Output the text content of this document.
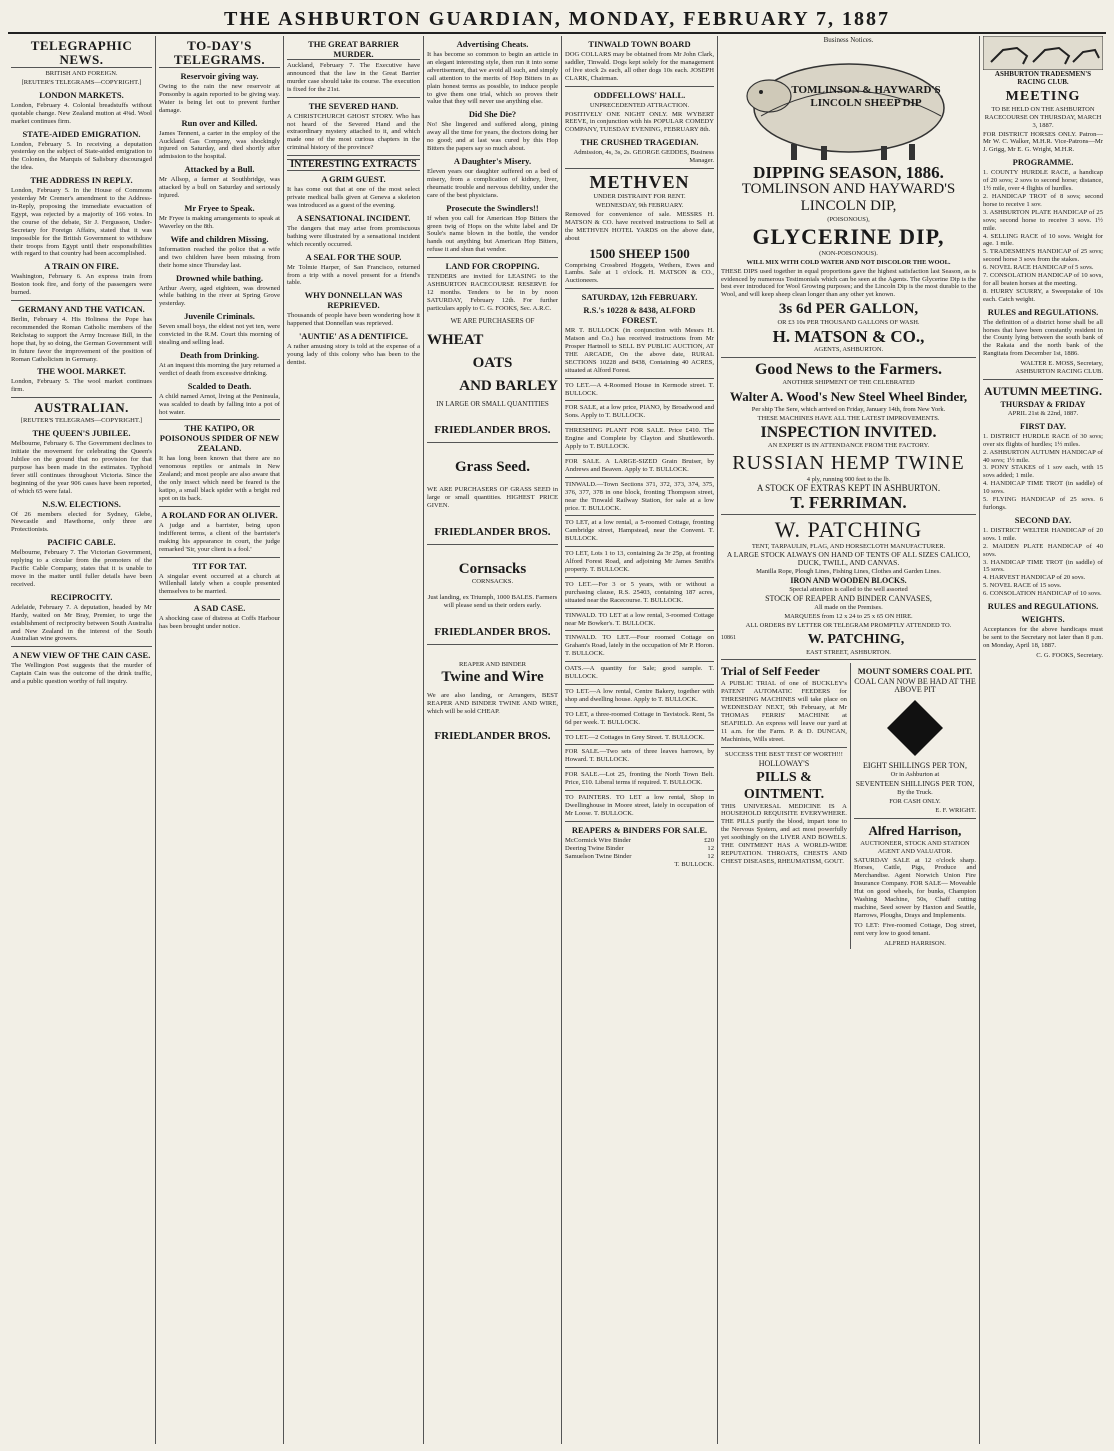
THE ASHBURTON GUARDIAN, MONDAY, FEBRUARY 7, 1887
TELEGRAPHIC NEWS.
BRITISH AND FOREIGN.
[REUTER'S TELEGRAMS—COPYRIGHT.]
LONDON MARKETS.

London, February 4. Colonial breadstuffs without quotable change. New Zealand mutton at 4⅜d. Wool market continues firm.

STATE-AIDED EMIGRATION.

London, February 5. In receiving a deputation yesterday on the subject of State-aided emigration to the Colonies, the Marquis of Salisbury discouraged the idea.

THE ADDRESS IN REPLY.

London, February 5. In the House of Commons yesterday Mr Cremer's amendment to the Address-in-Reply, proposing the immediate evacuation of Egypt, was rejected by a majority of 166 votes. In the course of the debate, Sir J. Fergusson, Under-Secretary for Foreign Affairs, stated that it was impossible for the British Government to withdraw their troops from Egypt until their responsibilities with regard to that country had been accomplished.

A TRAIN ON FIRE.

Washington, February 6. An express train from Boston took fire, and forty of the passengers were burned.

GERMANY AND THE VATICAN.

Berlin, February 4. His Holiness the Pope has recommended the Roman Catholic members of the Reichstag to support the Army Increase Bill, in the hope that, by so doing, the German Government will in future favor the improvement of the position of Roman Catholicism in Germany.

THE WOOL MARKET.

London, February 5. The wool market continues firm.

AUSTRALIAN.

[REUTER'S TELEGRAMS—COPYRIGHT.]

THE QUEEN'S JUBILEE.

Melbourne, February 6. The Government declines to initiate the movement for celebrating the Queen's Jubilee on the ground that no provision for that purpose has been made in the estimates. Typhoid fever still continues throughout Victoria. Since the beginning of the year 906 cases have been reported, of which 65 were fatal.

N.S.W. ELECTIONS.

Of 26 members elected for Sydney, Glebe, Newcastle and Hawthorne, only three are Protectionists.

PACIFIC CABLE.

Melbourne, February 7. The Victorian Government, replying to a circular from the promoters of the Pacific Cable Company, states that it is unable to move in the matter until fuller details have been received.

RECIPROCITY.

Adelaide, February 7. A deputation, headed by Mr Hardy, waited on Mr Bray, Premier, to urge the establishment of reciprocity between South Australia and New Zealand in the interest of the South Australian wine growers.

A NEW VIEW OF THE CAIN CASE.

The Wellington Post suggests that the murder of Captain Cain was the outcome of the drink traffic, and a public question worthy of full inquiry.

TO-DAY'S TELEGRAMS.
Reservoir giving way.

Owing to the rain the new reservoir at Ponsonby is again reported to be giving way. Water is being let out to prevent further damage.

Run over and Killed.

James Tennent, a carter in the employ of the Auckland Gas Company, was shockingly injured on Saturday, and died shortly after admission to the hospital.

Attacked by a Bull.

Mr Allsop, a farmer at Southbridge, was attacked by a bull on Saturday and seriously injured.

Mr Fryee to Speak.

Mr Fryee is making arrangements to speak at Waverley on the 8th.

Wife and children Missing.

Information reached the police that a wife and two children have been missing from their home since Thursday last.

Drowned while bathing.

Arthur Avery, aged eighteen, was drowned while bathing in the river at Spring Grove yesterday.

Juvenile Criminals.

Seven small boys, the eldest not yet ten, were convicted in the R.M. Court this morning of stealing and selling lead.

Death from Drinking.

At an inquest this morning the jury returned a verdict of death from excessive drinking.

Scalded to Death.

A child named Arnot, living at the Peninsula, was scalded to death by falling into a pot of hot water.

THE KATIPO, OR POISONOUS SPIDER OF NEW ZEALAND.

It has long been known that there are no venomous reptiles or animals in New Zealand; and most people are also aware that the only insect which need be feared is the katipo, a small black spider with a bright red spot on its back.

A ROLAND FOR AN OLIVER.

A judge and a barrister, being upon indifferent terms, a client of the barrister's making his appearance in court, the judge remarked 'Sir, your client is a fool.'

TIT FOR TAT.

A singular event occurred at a church at Willenhall lately when a couple presented themselves to be married.

A SAD CASE.

A shocking case of distress at Coffs Harbour has been brought under notice.

THE GREAT BARRIER MURDER.

Auckland, February 7. The Executive have announced that the law in the Great Barrier murder case should take its course. The execution is fixed for the 21st.

THE SEVERED HAND.

A CHRISTCHURCH GHOST STORY. Who has not heard of the Severed Hand and the extraordinary mystery attached to it, and which made one of the most curious chapters in the criminal history of the province?

INTERESTING EXTRACTS
A GRIM GUEST.

It has come out that at one of the most select private medical balls given at Geneva a skeleton was introduced as a guest of the evening.

A SENSATIONAL INCIDENT.

The dangers that may arise from promiscuous bathing were illustrated by a sensational incident which recently occurred.

A SEAL FOR THE SOUP.

Mr Tolmie Harper, of San Francisco, returned from a trip with a novel present for a friend's table.

WHY DONNELLAN WAS REPRIEVED.

Thousands of people have been wondering how it happened that Donnellan was reprieved.

'AUNTIE' AS A DENTIFICE.

A rather amusing story is told at the expense of a young lady of this colony who has been to the dentist.

Advertising Cheats.

It has become so common to begin an article in an elegant interesting style, then run it into some advertisement, that we avoid all such, and simply call attention to the merits of Hop Bitters in as plain honest terms as possible, to induce people to give them one trial, which so proves their value that they will never use anything else.

Did She Die?

No! She lingered and suffered along, pining away all the time for years, the doctors doing her no good; and at last was cured by this Hop Bitters the papers say so much about.

A Daughter's Misery.

Eleven years our daughter suffered on a bed of misery, from a complication of kidney, liver, rheumatic trouble and nervous debility, under the care of the best physicians.

Prosecute the Swindlers!!

If when you call for American Hop Bitters the green twig of Hops on the white label and Dr Soule's name blown in the bottle, the vendor hands out anything but American Hop Bitters, refuse it and shun that vendor.

LAND FOR CROPPING.

TENDERS are invited for LEASING to the ASHBURTON RACECOURSE RESERVE for 12 months. Tenders to be in by noon SATURDAY, February 12th. For further particulars apply to C. G. FOOKS, Sec. A.R.C.

WE ARE PURCHASERS OF
WHEAT
OATS
AND BARLEY
IN LARGE OR SMALL QUANTITIES
FRIEDLANDER BROS.
Grass Seed.

WE ARE PURCHASERS OF GRASS SEED in large or small quantities. HIGHEST PRICE GIVEN.

FRIEDLANDER BROS.
Cornsacks
CORNSACKS.

Just landing, ex Triumph, 1000 BALES. Farmers will please send us their orders early.

FRIEDLANDER BROS.
REAPER AND BINDER
Twine and Wire

We are also landing, or Arrangers, BEST REAPER AND BINDER TWINE AND WIRE, which will be sold CHEAP.

FRIEDLANDER BROS.
TINWALD TOWN BOARD

DOG COLLARS may be obtained from Mr John Clark, saddler, Tinwald. Dogs kept solely for the management of live stock 2s each, all other dogs 10s each. JOSEPH CLARK, Chairman.

ODDFELLOWS' HALL.
UNPRECEDENTED ATTRACTION.

POSITIVELY ONE NIGHT ONLY. MR WYBERT REEVE, in conjunction with his POPULAR COMEDY COMPANY, TUESDAY EVENING, FEBRUARY 8th.

THE CRUSHED TRAGEDIAN.

Admission, 4s, 3s, 2s. GEORGE GEDDES, Business Manager.

METHVEN
UNDER DISTRAINT FOR RENT.
WEDNESDAY, 9th FEBRUARY.

Removed for convenience of sale. MESSRS H. MATSON & CO. have received instructions to Sell at the METHVEN HOTEL YARDS on the above date, about

1500 SHEEP 1500

Comprising Crossbred Hoggets, Wethers, Ewes and Lambs. Sale at 1 o'clock. H. MATSON & CO., Auctioneers.

SATURDAY, 12th FEBRUARY.
R.S.'s 10228 & 8438, ALFORD FOREST.

MR T. BULLOCK (in conjunction with Messrs H. Matson and Co.) has received instructions from Mr Prosper Hartnoll to SELL BY PUBLIC AUCTION, AT THE ARCADE, On the above date, RURAL SECTIONS 10228 and 8438, Containing 40 ACRES, situated at Alford Forest.

TO LET.—A 4-Roomed House in Kermode street. T. BULLOCK.

FOR SALE, at a low price, PIANO, by Broadwood and Sons. Apply to T. BULLOCK.

THRESHING PLANT FOR SALE. Price £410. The Engine and Complete by Clayton and Shuttleworth. Apply to T. BULLOCK.

FOR SALE. A LARGE-SIZED Grain Bruiser, by Andrews and Beaven. Apply to T. BULLOCK.

TINWALD.—Town Sections 371, 372, 373, 374, 375, 376, 377, 378 in one block, fronting Thompson street, near the Tinwald Railway Station, for sale at a low price. T. BULLOCK.

TO LET, at a low rental, a 5-roomed Cottage, fronting Cambridge street, Hampstead, near the Convent. T. BULLOCK.

TO LET, Lots 1 to 13, containing 2a 3r 25p, at fronting Alford Forest Road, and adjoining Mr James Smith's property. T. BULLOCK.

TO LET.—For 3 or 5 years, with or without a purchasing clause, R.S. 25403, containing 187 acres, situated near the Racecourse. T. BULLOCK.

TINWALD. TO LET at a low rental, 3-roomed Cottage near Mr Bowker's. T. BULLOCK.

TINWALD. TO LET.—Four roomed Cottage on Graham's Road, lately in the occupation of Mr P. Horon. T. BULLOCK.

OATS.—A quantity for Sale; good sample. T. BULLOCK.

TO LET.—A low rental, Centre Bakery, together with shop and dwelling house. Apply to T. BULLOCK.

TO LET, a three-roomed Cottage in Tavistock. Rent, 5s 6d per week. T. BULLOCK.

TO LET.—2 Cottages in Grey Street. T. BULLOCK.

FOR SALE.—Two sets of three leaves harrows, by Howard. T. BULLOCK.

FOR SALE.—Lot 25, fronting the North Town Belt. Price, £10. Liberal terms if required. T. BULLOCK.

TO PAINTERS. TO LET a low rental, Shop in Dwellinghouse in Moore street, lately in occupation of Mr Loose. T. BULLOCK.

REAPERS & BINDERS FOR SALE.
McCormick Wire Binder	£20
Deering Twine Binder	12
Samuelson Twine Binder	12

T. BULLOCK.

Business Notices.
TOMLINSON & HAYWARD'S LINCOLN SHEEP DIP
DIPPING SEASON, 1886.
TOMLINSON AND HAYWARD'S
LINCOLN DIP,
(POISONOUS),
GLYCERINE DIP,
(NON-POISONOUS).
WILL MIX WITH COLD WATER AND NOT DISCOLOR THE WOOL.

THESE DIPS used together in equal proportions gave the highest satisfaction last Season, as is evidenced by numerous Testimonials which can be seen at the Agents. The Glycerine Dip is the best ever introduced for Wool Growing purposes; and the Lincoln Dip is the most durable to the Wool, and will keep sheep clean longer than any other yet known.

3s 6d PER GALLON,
OR £3 10s PER THOUSAND GALLONS OF WASH.
H. MATSON & CO.,
AGENTS, ASHBURTON.
Good News to the Farmers.
ANOTHER SHIPMENT OF THE CELEBRATED
Walter A. Wood's New Steel Wheel Binder,
Per ship The Sere, which arrived on Friday, January 14th, from New York.
THESE MACHINES HAVE ALL THE LATEST IMPROVEMENTS.
INSPECTION INVITED.
AN EXPERT IS IN ATTENDANCE FROM THE FACTORY.
RUSSIAN HEMP TWINE
4 ply, running 900 feet to the lb.
A STOCK OF EXTRAS KEPT IN ASHBURTON.
T. FERRIMAN.
W. PATCHING
TENT, TARPAULIN, FLAG, AND HORSECLOTH MANUFACTURER.
A LARGE STOCK ALWAYS ON HAND OF TENTS OF ALL SIZES CALICO, DUCK, TWILL, AND CANVAS.
Manilla Rope, Plough Lines, Fishing Lines, Clothes and Garden Lines.
IRON AND WOODEN BLOCKS.
Special attention is called to the well assorted
STOCK OF REAPER AND BINDER CANVASES,
All made on the Premises.
MARQUEES from 12 x 24 to 25 x 65 ON HIRE.
ALL ORDERS BY LETTER OR TELEGRAM PROMPTLY ATTENDED TO.
10861	W. PATCHING,
EAST STREET, ASHBURTON.
Trial of Self Feeder

A PUBLIC TRIAL of one of BUCKLEY's PATENT AUTOMATIC FEEDERS for THRESHING MACHINES will take place on WEDNESDAY NEXT, 9th February, at Mr THOMAS FERRIS' MACHINE at SEAFIELD. An express will leave our yard at 11 a.m. for the Farm. P. & D. DUNCAN, Machinists, Wills street.

SUCCESS THE BEST TEST OF WORTH!!!
HOLLOWAY'S
PILLS & OINTMENT.

THIS UNIVERSAL MEDICINE IS A HOUSEHOLD REQUISITE EVERYWHERE. THE PILLS purify the blood, impart tone to the Nervous System, and act most powerfully yet soothingly on the LIVER AND BOWELS. THE OINTMENT HAS A WORLD-WIDE REPUTATION. THROATS, CHESTS AND CHEST DISEASES, RHEUMATISM, GOUT.

MOUNT SOMERS COAL PIT.
COAL CAN NOW BE HAD AT THE ABOVE PIT
EIGHT SHILLINGS PER TON,
Or in Ashburton at
SEVENTEEN SHILLINGS PER TON,
By the Truck.
FOR CASH ONLY.
E. F. WRIGHT.
Alfred Harrison,
AUCTIONEER, STOCK AND STATION AGENT AND VALUATOR.

SATURDAY SALE at 12 o'clock sharp. Horses, Cattle, Pigs, Produce and Merchandise. Agent Norwich Union Fire Insurance Company. FOR SALE— Moveable Hut on good wheels, for bunks, Champion Washing Machine, 50s, Chaff cutting machine, Seed sower by Haxton and Seattle, Harrows, Ploughs, Drays and Implements.

TO LET: Five-roomed Cottage, Dog street, rent very low to good tenant.

ALFRED HARRISON.
ASHBURTON TRADESMEN'S RACING CLUB.
MEETING
TO BE HELD ON THE ASHBURTON RACECOURSE ON THURSDAY, MARCH 3, 1887.

FOR DISTRICT HORSES ONLY. Patron—Mr W. C. Walker, M.H.R. Vice-Patrons—Mr J. Grigg, Mr E. G. Wright, M.H.R.

PROGRAMME.

1. COUNTY HURDLE RACE, a handicap of 20 sovs; 2 sovs to second horse; distance, 1½ mile, over 4 flights of hurdles.

2. HANDICAP TROT of 8 sovs; second horse to receive 1 sov.

3. ASHBURTON PLATE HANDICAP of 25 sovs; second horse to receive 3 sovs. 1½ mile.

4. SELLING RACE of 10 sovs. Weight for age. 1 mile.

5. TRADESMEN'S HANDICAP of 25 sovs; second horse 3 sovs from the stakes.

6. NOVEL RACE HANDICAP of 5 sovs.

7. CONSOLATION HANDICAP of 10 sovs, for all beaten horses at the meeting.

8. HURRY SCURRY, a Sweepstake of 10s each. Catch weight.

RULES and REGULATIONS.

The definition of a district horse shall be all horses that have been constantly resident in the County lying between the south bank of the Rakaia and the north bank of the Rangitata from December 1st, 1886.

WALTER E. MOSS, Secretary, ASHBURTON RACING CLUB.

AUTUMN MEETING.
THURSDAY & FRIDAY
APRIL 21st & 22nd, 1887.
FIRST DAY.

1. DISTRICT HURDLE RACE of 30 sovs; over six flights of hurdles; 1½ miles.

2. ASHBURTON AUTUMN HANDICAP of 40 sovs; 1½ mile.

3. PONY STAKES of 1 sov each, with 15 sovs added; 1 mile.

4. HANDICAP TIME TROT (in saddle) of 10 sovs.

5. FLYING HANDICAP of 25 sovs. 6 furlongs.

SECOND DAY.

1. DISTRICT WELTER HANDICAP of 20 sovs. 1 mile.

2. MAIDEN PLATE HANDICAP of 40 sovs.

3. HANDICAP TIME TROT (in saddle) of 15 sovs.

4. HARVEST HANDICAP of 20 sovs.

5. NOVEL RACE of 15 sovs.

6. CONSOLATION HANDICAP of 10 sovs.

RULES and REGULATIONS.
WEIGHTS.

Acceptances for the above handicaps must be sent to the Secretary not later than 8 p.m. on Monday, April 18, 1887.

C. G. FOOKS, Secretary.
